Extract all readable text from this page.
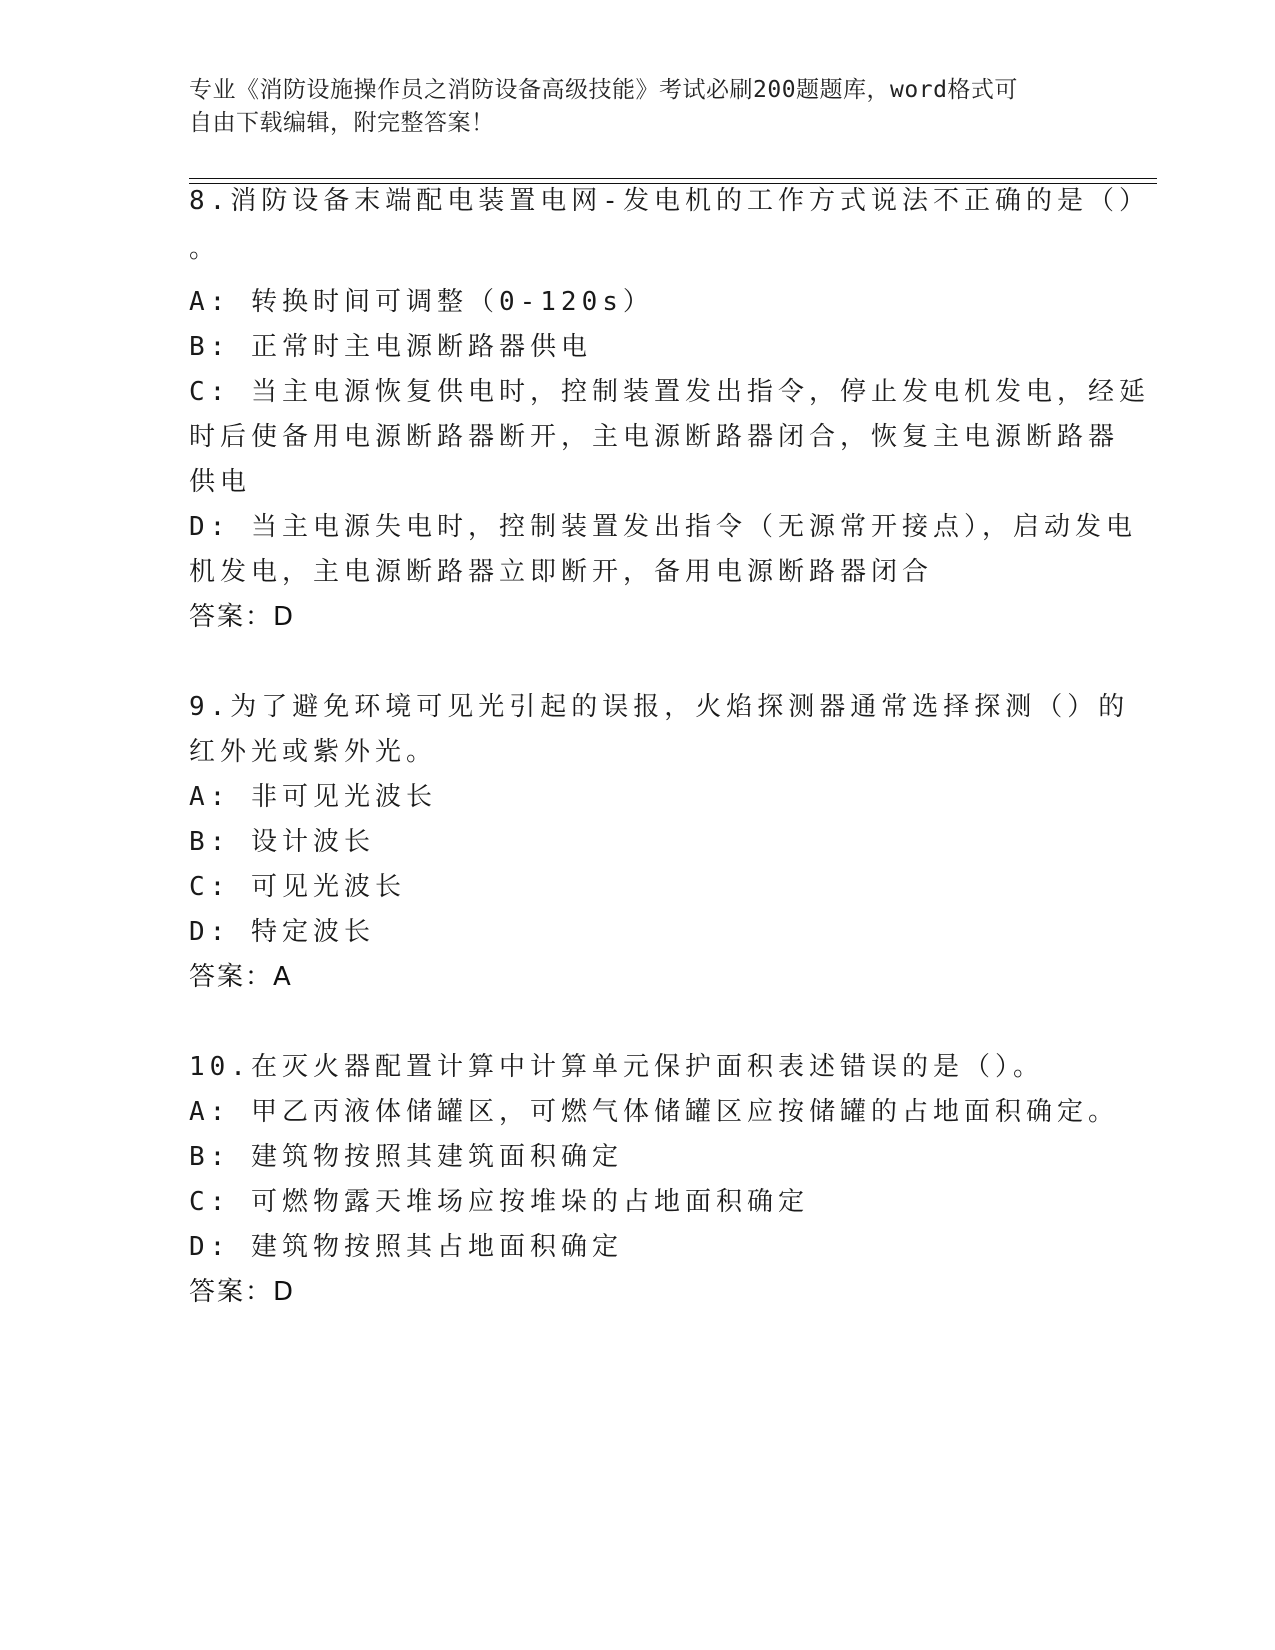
专业《消防设施操作员之消防设备高级技能》考试必刷200题题库，word格式可
自由下载编辑，附完整答案！
8.消防设备末端配电装置电网-发电机的工作方式说法不正确的是（）
。
A: 转换时间可调整（0-120s）
B: 正常时主电源断路器供电
C: 当主电源恢复供电时，控制装置发出指令，停止发电机发电，经延
时后使备用电源断路器断开，主电源断路器闭合，恢复主电源断路器
供电
D: 当主电源失电时，控制装置发出指令（无源常开接点），启动发电
机发电，主电源断路器立即断开，备用电源断路器闭合
答案：D
9.为了避免环境可见光引起的误报，火焰探测器通常选择探测（）的
红外光或紫外光。
A: 非可见光波长
B: 设计波长
C: 可见光波长
D: 特定波长
答案：A
10.在灭火器配置计算中计算单元保护面积表述错误的是（）。
A: 甲乙丙液体储罐区，可燃气体储罐区应按储罐的占地面积确定。
B: 建筑物按照其建筑面积确定
C: 可燃物露天堆场应按堆垛的占地面积确定
D: 建筑物按照其占地面积确定
答案：D
